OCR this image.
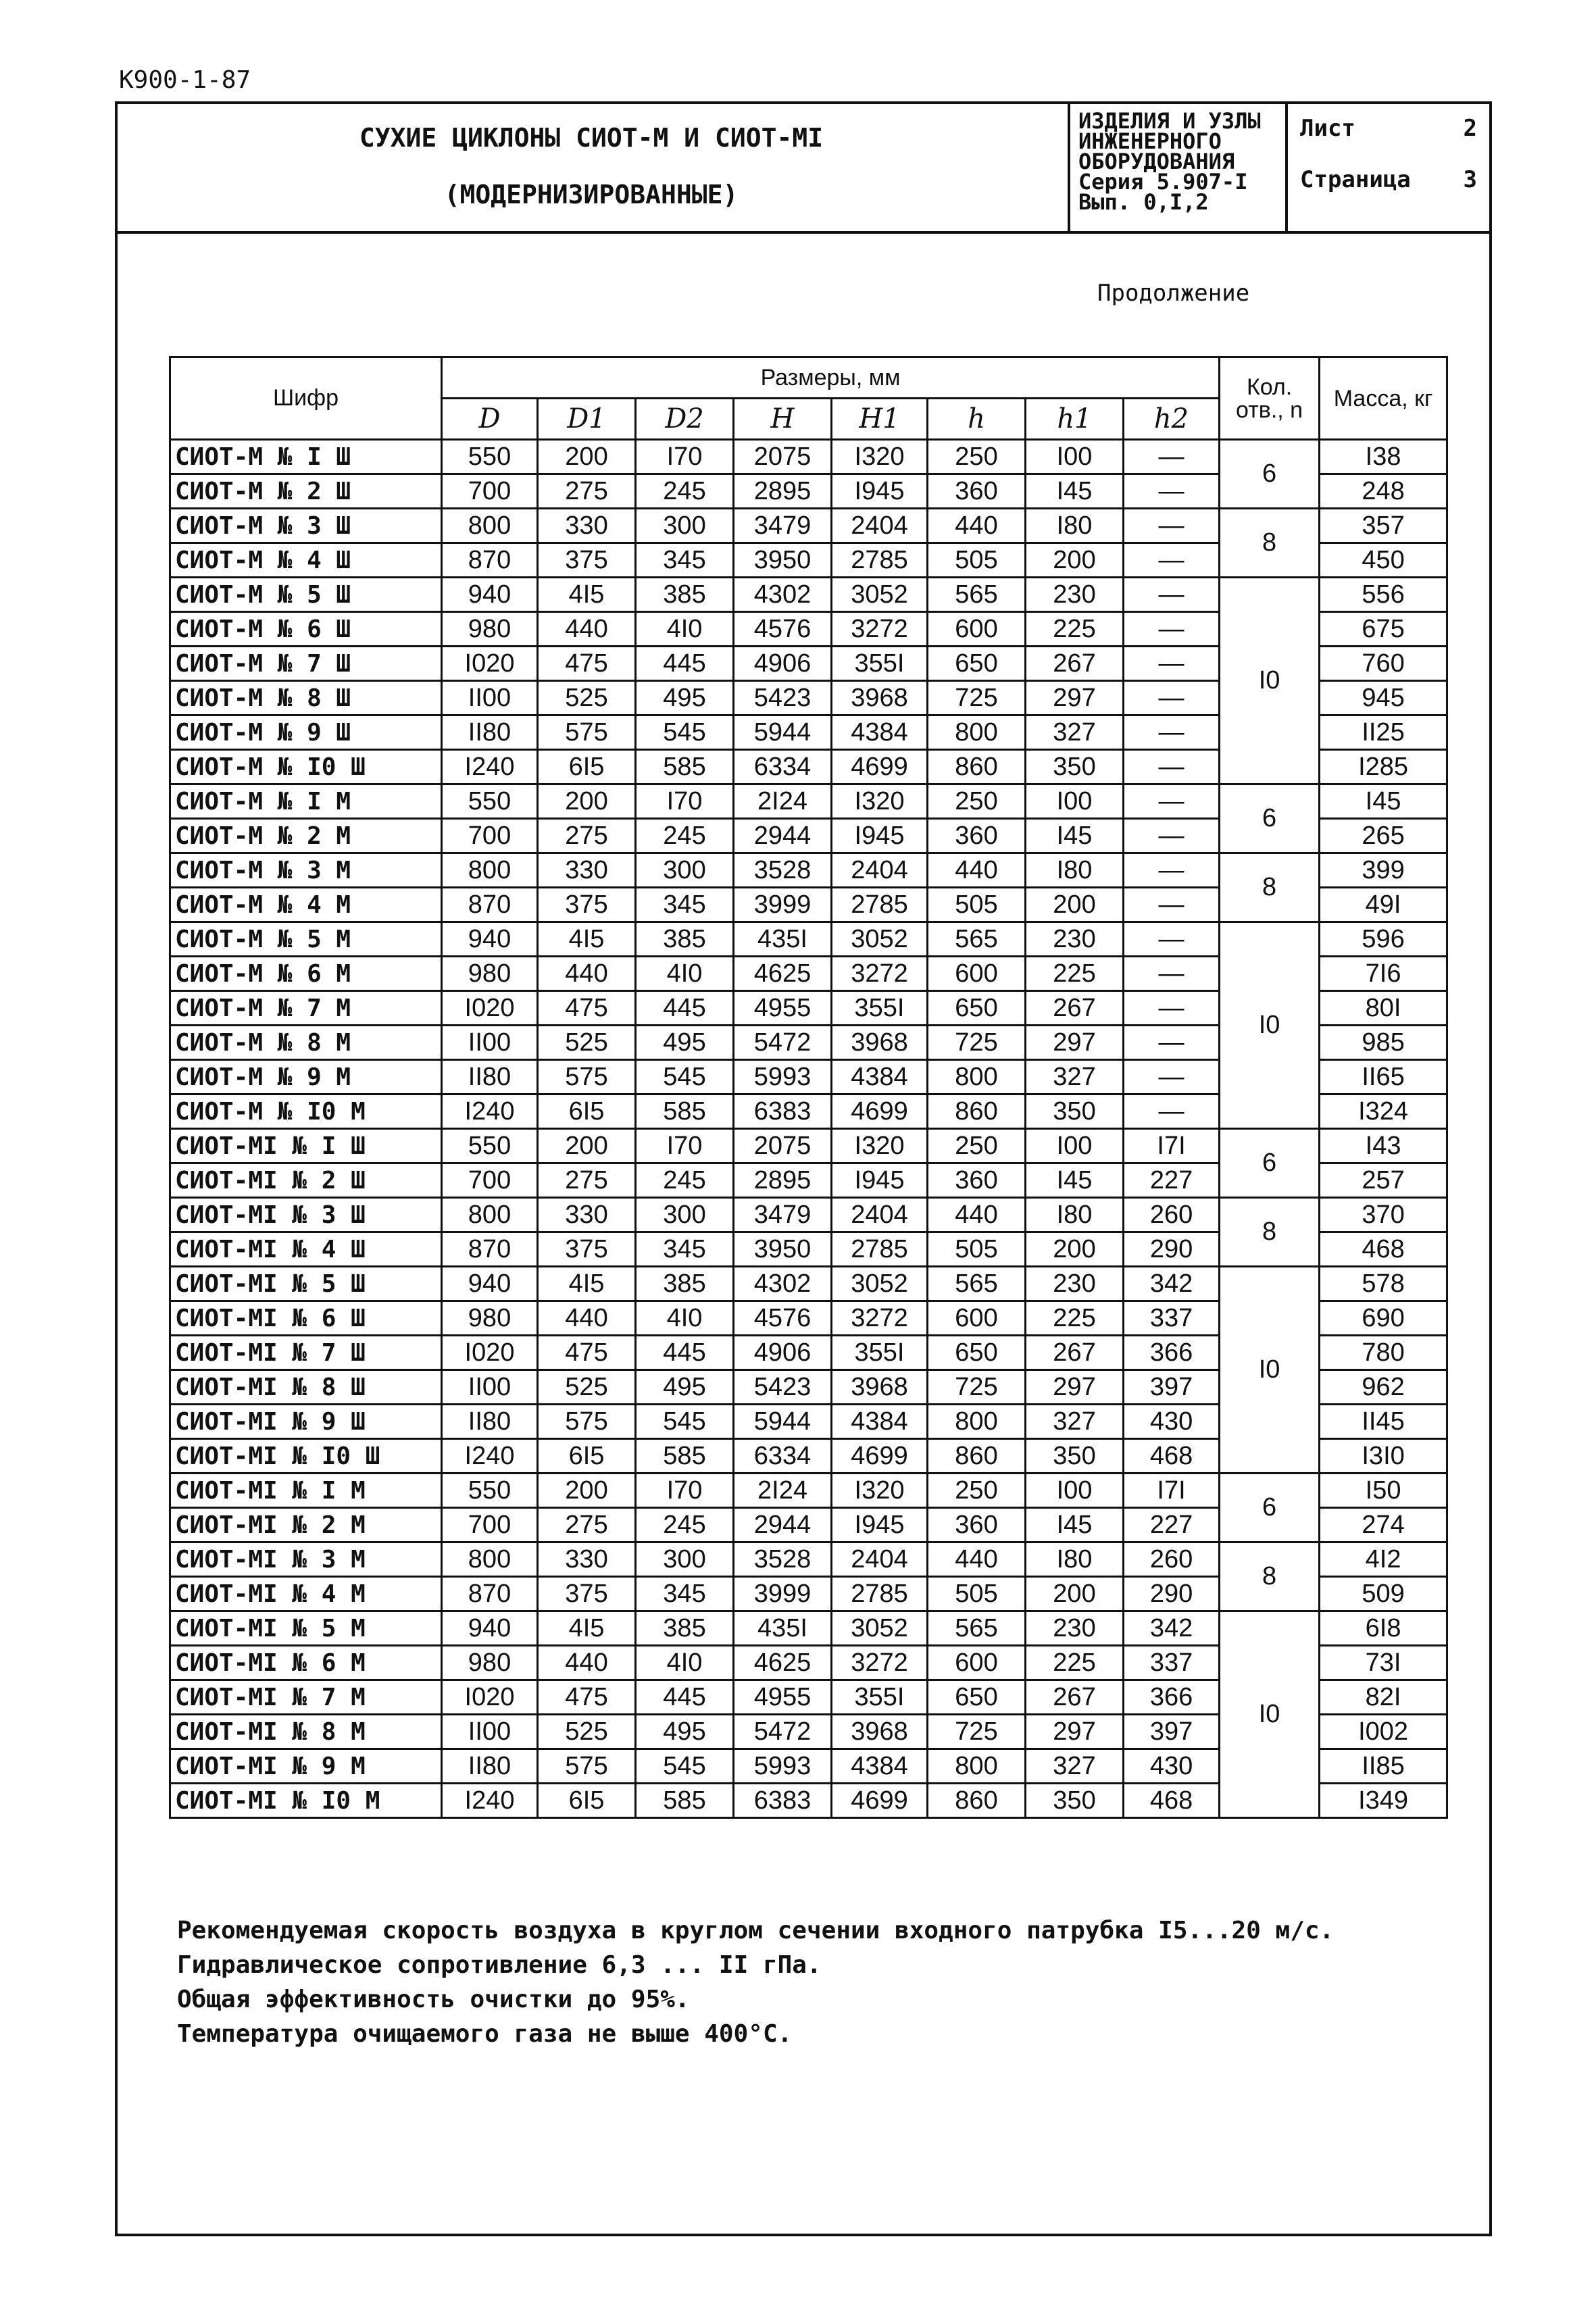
К900-1-87
СУХИЕ ЦИКЛОНЫ СИОТ-М И СИОТ-МI
(МОДЕРНИЗИРОВАННЫЕ)
ИЗДЕЛИЯ И УЗЛЫ
ИНЖЕНЕРНОГО
ОБОРУДОВАНИЯ
Серия 5.907-I
Вып. 0,I,2
Лист	2
Страница 3
Продолжение
Шифр	Размеры, мм								Кол. отв., n	Масса, кг
	D	D1	D2	H	H1	h	h1	h2		
СИОТ-М № I Ш	550	200	I70	2075	I320	250	I00	—	6	I38
СИОТ-М № 2 Ш	700	275	245	2895	I945	360	I45	—		248
СИОТ-М № 3 Ш	800	330	300	3479	2404	440	I80	—	8	357
СИОТ-М № 4 Ш	870	375	345	3950	2785	505	200	—		450
СИОТ-М № 5 Ш	940	4I5	385	4302	3052	565	230	—	I0	556
СИОТ-М № 6 Ш	980	440	4I0	4576	3272	600	225	—		675
СИОТ-М № 7 Ш	I020	475	445	4906	355I	650	267	—		760
СИОТ-М № 8 Ш	II00	525	495	5423	3968	725	297	—		945
СИОТ-М № 9 Ш	II80	575	545	5944	4384	800	327	—		II25
СИОТ-М № I0 Ш	I240	6I5	585	6334	4699	860	350	—		I285
СИОТ-М № I М	550	200	I70	2I24	I320	250	I00	—	6	I45
СИОТ-М № 2 М	700	275	245	2944	I945	360	I45	—		265
СИОТ-М № 3 М	800	330	300	3528	2404	440	I80	—	8	399
СИОТ-М № 4 М	870	375	345	3999	2785	505	200	—		49I
СИОТ-М № 5 М	940	4I5	385	435I	3052	565	230	—	I0	596
СИОТ-М № 6 М	980	440	4I0	4625	3272	600	225	—		7I6
СИОТ-М № 7 М	I020	475	445	4955	355I	650	267	—		80I
СИОТ-М № 8 М	II00	525	495	5472	3968	725	297	—		985
СИОТ-М № 9 М	II80	575	545	5993	4384	800	327	—		II65
СИОТ-М № I0 М	I240	6I5	585	6383	4699	860	350	—		I324
СИОТ-МI № I Ш	550	200	I70	2075	I320	250	I00	I7I	6	I43
СИОТ-МI № 2 Ш	700	275	245	2895	I945	360	I45	227		257
СИОТ-МI № 3 Ш	800	330	300	3479	2404	440	I80	260	8	370
СИОТ-МI № 4 Ш	870	375	345	3950	2785	505	200	290		468
СИОТ-МI № 5 Ш	940	4I5	385	4302	3052	565	230	342	I0	578
СИОТ-МI № 6 Ш	980	440	4I0	4576	3272	600	225	337		690
СИОТ-МI № 7 Ш	I020	475	445	4906	355I	650	267	366		780
СИОТ-МI № 8 Ш	II00	525	495	5423	3968	725	297	397		962
СИОТ-МI № 9 Ш	II80	575	545	5944	4384	800	327	430		II45
СИОТ-МI № I0 Ш	I240	6I5	585	6334	4699	860	350	468		I3I0
СИОТ-МI № I М	550	200	I70	2I24	I320	250	I00	I7I	6	I50
СИОТ-МI № 2 М	700	275	245	2944	I945	360	I45	227		274
СИОТ-МI № 3 М	800	330	300	3528	2404	440	I80	260	8	4I2
СИОТ-МI № 4 М	870	375	345	3999	2785	505	200	290		509
СИОТ-МI № 5 М	940	4I5	385	435I	3052	565	230	342	I0	6I8
СИОТ-МI № 6 М	980	440	4I0	4625	3272	600	225	337		73I
СИОТ-МI № 7 М	I020	475	445	4955	355I	650	267	366		82I
СИОТ-МI № 8 М	II00	525	495	5472	3968	725	297	397		I002
СИОТ-МI № 9 М	II80	575	545	5993	4384	800	327	430		II85
СИОТ-МI № I0 М	I240	6I5	585	6383	4699	860	350	468		I349
Рекомендуемая скорость воздуха в круглом сечении входного патрубка I5...20 м/с.
Гидравлическое сопротивление 6,3 ... II гПа.
Общая эффективность очистки до 95%.
Температура очищаемого газа не выше 400°С.
